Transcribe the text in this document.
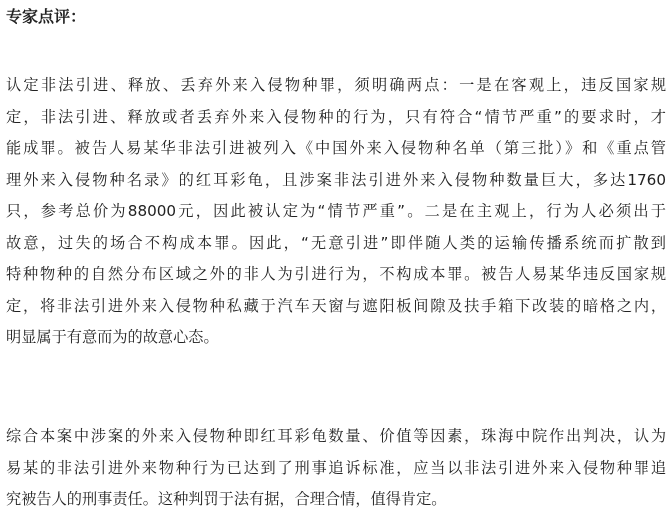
专家点评：
认定非法引进、释放、丢弃外来入侵物种罪，须明确两点：一是在客观上，违反国家规
定，非法引进、释放或者丢弃外来入侵物种的行为，只有符合“情节严重”的要求时，才
能成罪。被告人易某华非法引进被列入《中国外来入侵物种名单（第三批）》和《重点管
理外来入侵物种名录》的红耳彩龟，且涉案非法引进外来入侵物种数量巨大，多达1760
只，参考总价为88000元，因此被认定为“情节严重”。二是在主观上，行为人必须出于
故意，过失的场合不构成本罪。因此，“无意引进”即伴随人类的运输传播系统而扩散到
特种物种的自然分布区域之外的非人为引进行为，不构成本罪。被告人易某华违反国家规
定，将非法引进外来入侵物种私藏于汽车天窗与遮阳板间隙及扶手箱下改装的暗格之内，
明显属于有意而为的故意心态。
综合本案中涉案的外来入侵物种即红耳彩龟数量、价值等因素，珠海中院作出判决，认为
易某的非法引进外来物种行为已达到了刑事追诉标准，应当以非法引进外来入侵物种罪追
究被告人的刑事责任。这种判罚于法有据，合理合情，值得肯定。
